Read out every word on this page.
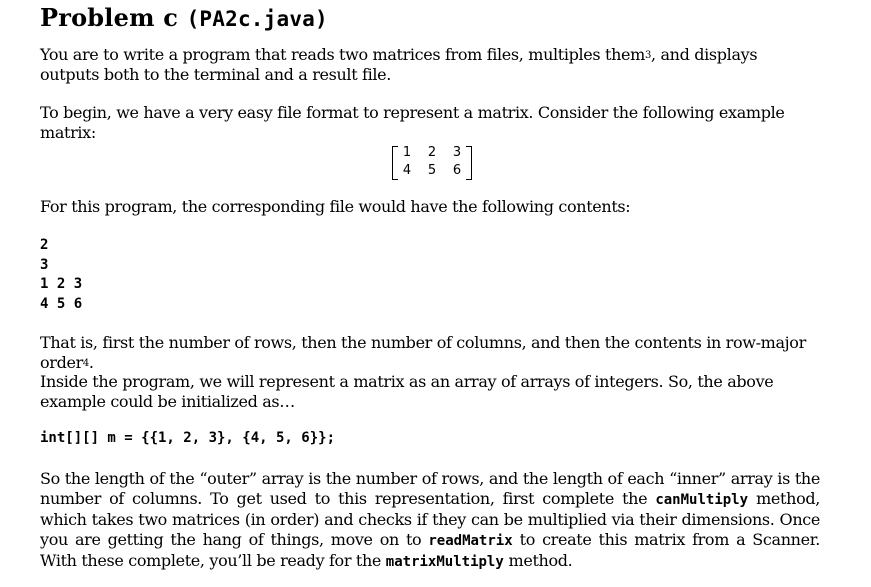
Problem c (PA2c.java)

You are to write a program that reads two matrices from files, multiples them$^3$, and displays outputs both to the terminal and a result file.

To begin, we have a very easy file format to represent a matrix. Consider the following example matrix:

1 2 3
4 5 6

For this program, the corresponding file would have the following contents:

2
3
1 2 3
4 5 6

That is, first the number of rows, then the number of columns, and then the contents in row-major order$^4$.

Inside the program, we will represent a matrix as an array of arrays of integers. So, the above example could be initialized as…

int[][] m = {{1, 2, 3}, {4, 5, 6}};

So the length of the “outer” array is the number of rows, and the length of each “inner” array is the number of columns. To get used to this representation, first complete the canMultiply method, which takes two matrices (in order) and checks if they can be multiplied via their dimensions. Once you are getting the hang of things, move on to readMatrix to create this matrix from a Scanner. With these complete, you’ll be ready for the matrixMultiply method.
